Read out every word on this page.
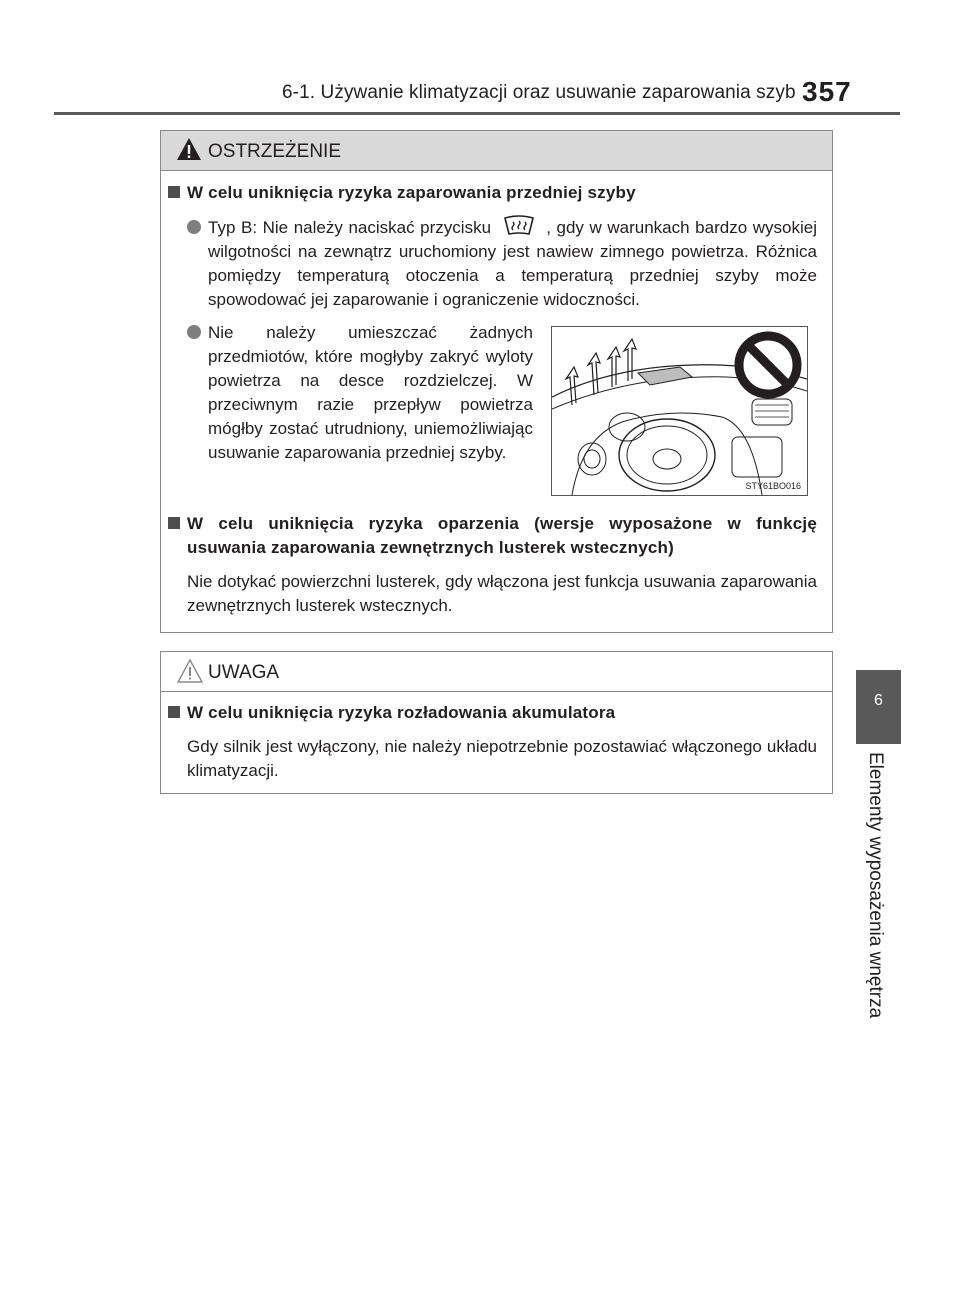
6-1. Używanie klimatyzacji oraz usuwanie zaparowania szyb 357
6
Elementy wyposażenia wnętrza
OSTRZEŻENIE
W celu uniknięcia ryzyka zaparowania przedniej szyby
Typ B: Nie należy naciskać przycisku	, gdy w warunkach bardzo wysokiej wilgotności na zewnątrz uruchomiony jest nawiew zimnego powietrza. Różnica pomiędzy temperaturą otoczenia a temperaturą przedniej szyby może spowodować jej zaparowanie i ograniczenie widoczności.
Nie należy umieszczać żadnych przedmiotów, które mogłyby zakryć wyloty powietrza na desce rozdzielczej. W przeciwnym razie przepływ powietrza mógłby zostać utrudniony, uniemożliwiając usuwanie zaparowania przedniej szyby.
STY61BO016
W celu uniknięcia ryzyka oparzenia (wersje wyposażone w funkcję usuwania zaparowania zewnętrznych lusterek wstecznych)
Nie dotykać powierzchni lusterek, gdy włączona jest funkcja usuwania zaparowania zewnętrznych lusterek wstecznych.
UWAGA
W celu uniknięcia ryzyka rozładowania akumulatora
Gdy silnik jest wyłączony, nie należy niepotrzebnie pozostawiać włączonego układu klimatyzacji.
